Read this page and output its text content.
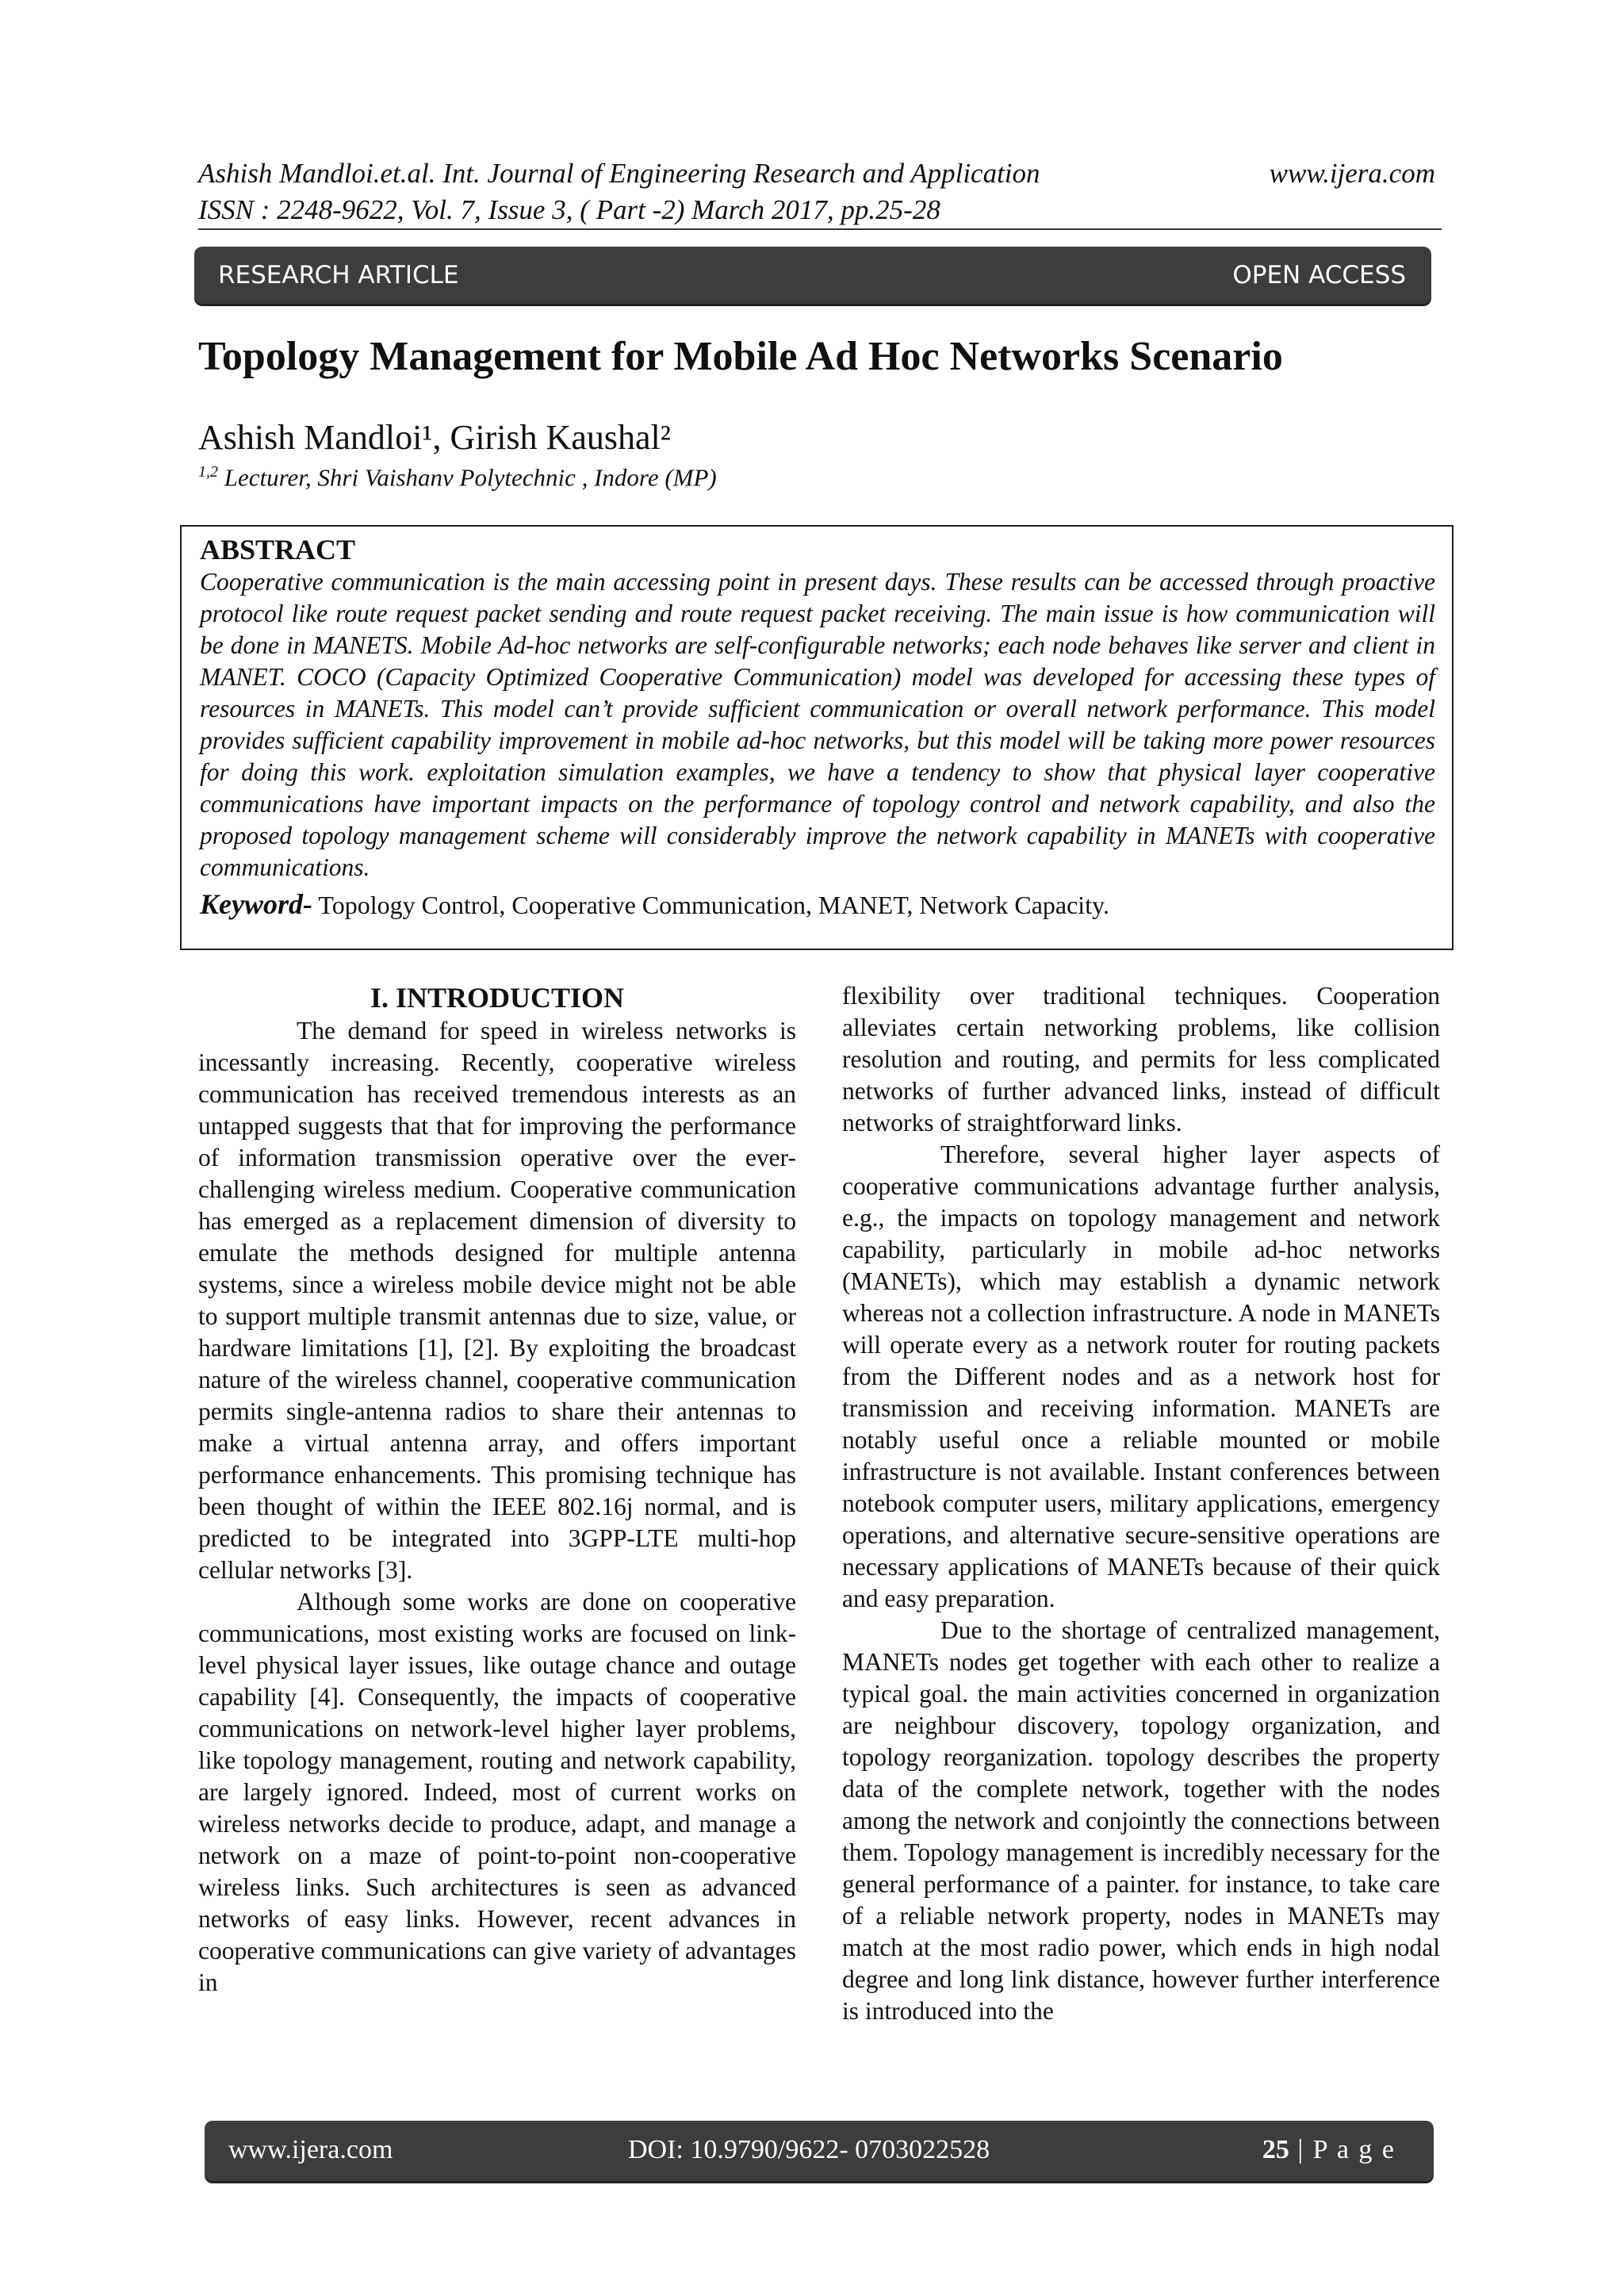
Ashish Mandloi.et.al. Int. Journal of Engineering Research and Application	www.ijera.com
ISSN : 2248-9622, Vol. 7, Issue 3, ( Part -2) March 2017, pp.25-28
RESEARCH ARTICLE	OPEN ACCESS
Topology Management for Mobile Ad Hoc Networks Scenario
Ashish Mandloi¹, Girish Kaushal²
$^{1,2}$ Lecturer, Shri Vaishanv Polytechnic , Indore (MP)
ABSTRACT
Cooperative communication is the main accessing point in present days. These results can be accessed through proactive protocol like route request packet sending and route request packet receiving. The main issue is how communication will be done in MANETS. Mobile Ad-hoc networks are self-configurable networks; each node behaves like server and client in MANET. COCO (Capacity Optimized Cooperative Communication) model was developed for accessing these types of resources in MANETs. This model can’t provide sufficient communication or overall network performance. This model provides sufficient capability improvement in mobile ad-hoc networks, but this model will be taking more power resources for doing this work. exploitation simulation examples, we have a tendency to show that physical layer cooperative communications have important impacts on the performance of topology control and network capability, and also the proposed topology management scheme will considerably improve the network capability in MANETs with cooperative communications.
Keyword- Topology Control, Cooperative Communication, MANET, Network Capacity.
I. INTRODUCTION

The demand for speed in wireless networks is incessantly increasing. Recently, cooperative wireless communication has received tremendous interests as an untapped suggests that that for improving the performance of information transmission operative over the ever-challenging wireless medium. Cooperative communication has emerged as a replacement dimension of diversity to emulate the methods designed for multiple antenna systems, since a wireless mobile device might not be able to support multiple transmit antennas due to size, value, or hardware limitations [1], [2]. By exploiting the broadcast nature of the wireless channel, cooperative communication permits single-antenna radios to share their antennas to make a virtual antenna array, and offers important performance enhancements. This promising technique has been thought of within the IEEE 802.16j normal, and is predicted to be integrated into 3GPP-LTE multi-hop cellular networks [3].

Although some works are done on cooperative communications, most existing works are focused on link-level physical layer issues, like outage chance and outage capability [4]. Consequently, the impacts of cooperative communications on network-level higher layer problems, like topology management, routing and network capability, are largely ignored. Indeed, most of current works on wireless networks decide to produce, adapt, and manage a network on a maze of point-to-point non-cooperative wireless links. Such architectures is seen as advanced networks of easy links. However, recent advances in cooperative communications can give variety of advantages in

flexibility over traditional techniques. Cooperation alleviates certain networking problems, like collision resolution and routing, and permits for less complicated networks of further advanced links, instead of difficult networks of straightforward links.

Therefore, several higher layer aspects of cooperative communications advantage further analysis, e.g., the impacts on topology management and network capability, particularly in mobile ad-hoc networks (MANETs), which may establish a dynamic network whereas not a collection infrastructure. A node in MANETs will operate every as a network router for routing packets from the Different nodes and as a network host for transmission and receiving information. MANETs are notably useful once a reliable mounted or mobile infrastructure is not available. Instant conferences between notebook computer users, military applications, emergency operations, and alternative secure-sensitive operations are necessary applications of MANETs because of their quick and easy preparation.

Due to the shortage of centralized management, MANETs nodes get together with each other to realize a typical goal. the main activities concerned in organization are neighbour discovery, topology organization, and topology reorganization. topology describes the property data of the complete network, together with the nodes among the network and conjointly the connections between them. Topology management is incredibly necessary for the general performance of a painter. for instance, to take care of a reliable network property, nodes in MANETs may match at the most radio power, which ends in high nodal degree and long link distance, however further interference is introduced into the

www.ijera.com	DOI: 10.9790/9622- 0703022528	25 | P a g e
